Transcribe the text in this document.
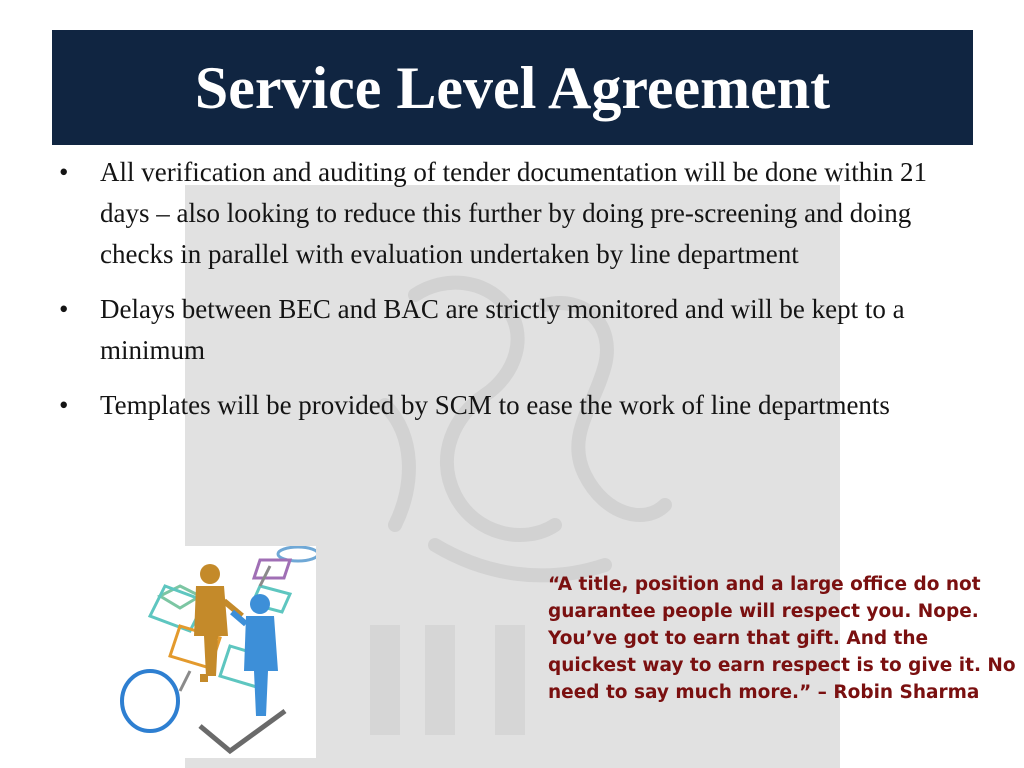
Service Level Agreement
• All verification and auditing of tender documentation will be done within 21 days – also looking to reduce this further by doing pre-screening and doing checks in parallel with evaluation undertaken by line department
• Delays between BEC and BAC are strictly monitored and will be kept to a minimum
• Templates will be provided by SCM to ease the work of line departments

“A title, position and a large office do not guarantee people will respect you. Nope. You’ve got to earn that gift. And the quickest way to earn respect is to give it. No need to say much more.” – Robin Sharma
